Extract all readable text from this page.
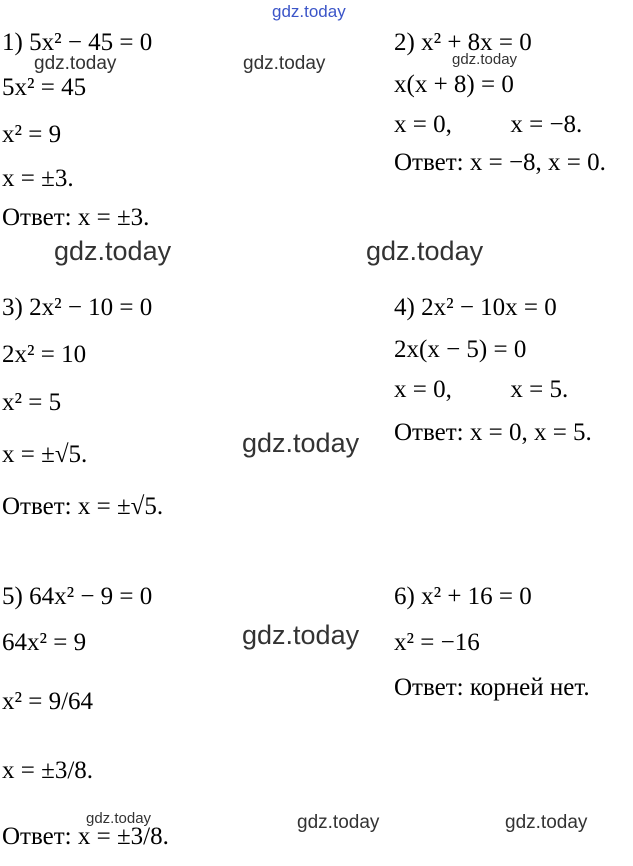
gdz.today
gdz.today	gdz.today	gdz.today
gdz.today	gdz.today
gdz.today
gdz.today
gdz.today	gdz.today	gdz.today
1) 5x² − 45 = 0
5x² = 45
x² = 9
x = ±3.
Ответ: x = ±3.
2) x² + 8x = 0
x(x + 8) = 0
x = 0, x = −8.
Ответ: x = −8, x = 0.
3) 2x² − 10 = 0
2x² = 10
x² = 5
x = ±√5.
Ответ: x = ±√5.
4) 2x² − 10x = 0
2x(x − 5) = 0
x = 0, x = 5.
Ответ: x = 0, x = 5.
5) 64x² − 9 = 0
64x² = 9
x² = 9/64
x = ±3/8.
Ответ: x = ±3/8.
6) x² + 16 = 0
x² = −16
Ответ: корней нет.
